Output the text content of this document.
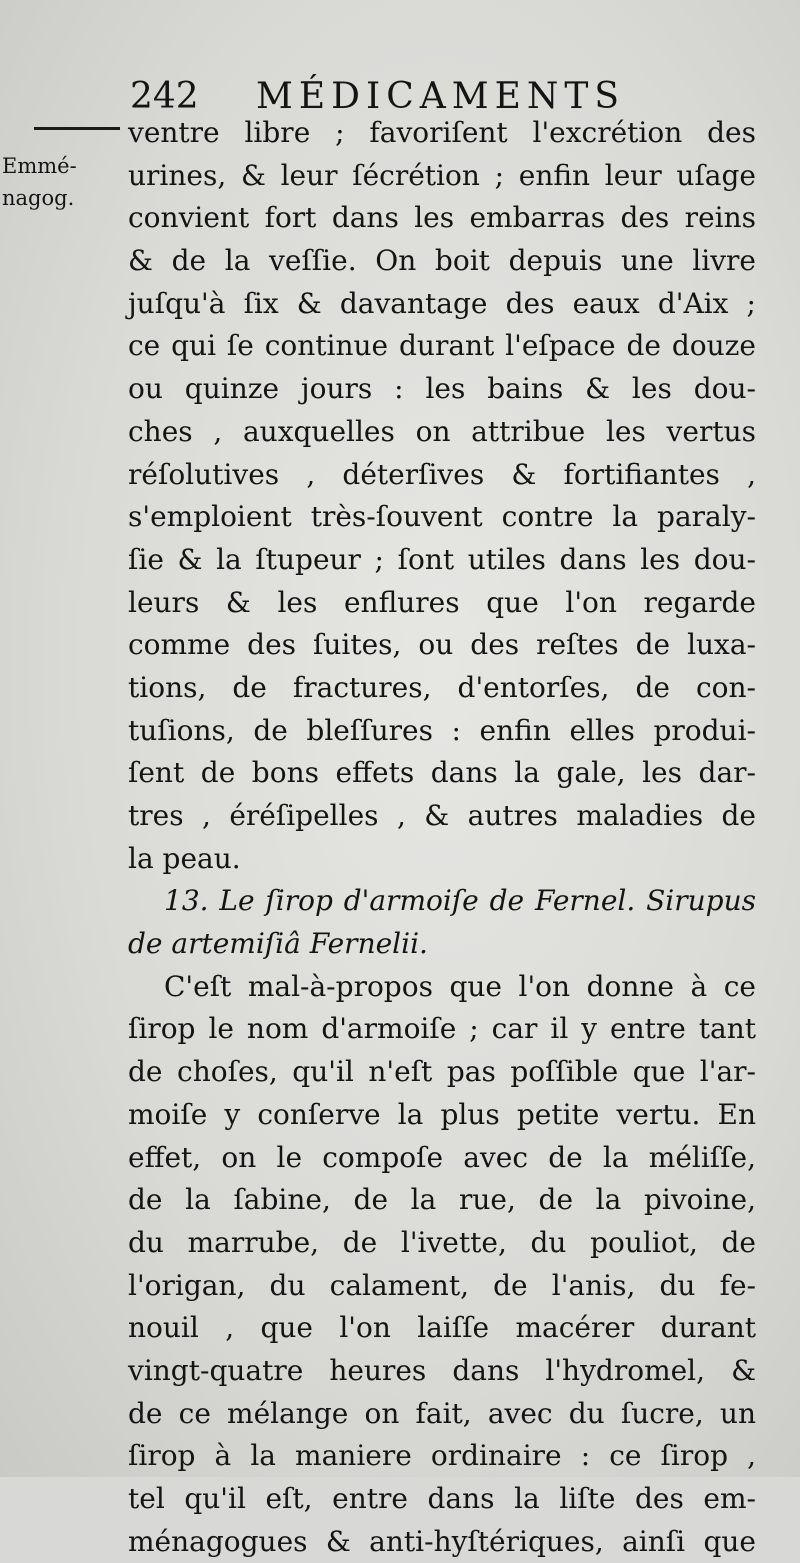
242 MÉDICAMENTS
Emmé-
nagog.
ventre libre ; favoriſent l'excrétion des
urines, & leur ſécrétion ; enfin leur uſage
convient fort dans les embarras des reins
& de la veſſie. On boit depuis une livre
juſqu'à ſix & davantage des eaux d'Aix ;
ce qui ſe continue durant l'eſpace de douze
ou quinze jours : les bains & les dou-
ches , auxquelles on attribue les vertus
réſolutives , déterſives & fortifiantes ,
s'emploient très-ſouvent contre la paraly-
ſie & la ſtupeur ; ſont utiles dans les dou-
leurs & les enflures que l'on regarde
comme des ſuites, ou des reſtes de luxa-
tions, de fractures, d'entorſes, de con-
tuſions, de bleſſures : enfin elles produi-
ſent de bons effets dans la gale, les dar-
tres , éréſipelles , & autres maladies de
la peau.
13. Le ſirop d'armoiſe de Fernel. Sirupus
de artemiſiâ Fernelii.
C'eſt mal-à-propos que l'on donne à ce
ſirop le nom d'armoiſe ; car il y entre tant
de choſes, qu'il n'eſt pas poſſible que l'ar-
moiſe y conſerve la plus petite vertu. En
effet, on le compoſe avec de la méliſſe,
de la ſabine, de la rue, de la pivoine,
du marrube, de l'ivette, du pouliot, de
l'origan, du calament, de l'anis, du fe-
nouil , que l'on laiſſe macérer durant
vingt-quatre heures dans l'hydromel, &
de ce mélange on fait, avec du ſucre, un
ſirop à la maniere ordinaire : ce ſirop ,
tel qu'il eſt, entre dans la liſte des em-
ménagogues & anti-hyſtériques, ainſi que
